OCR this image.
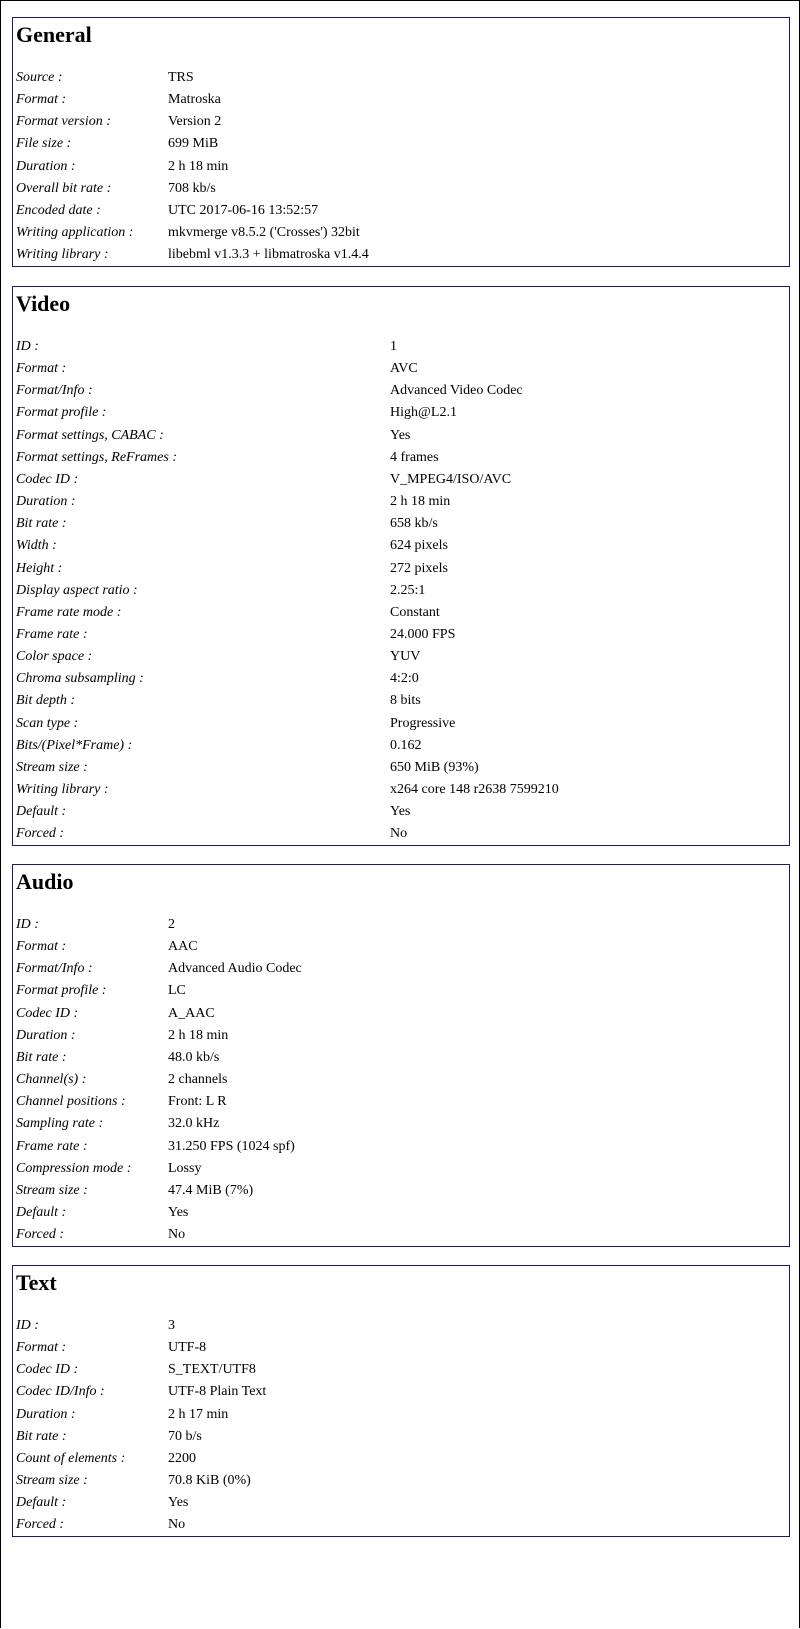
General
Source :	TRS
Format :	Matroska
Format version :	Version 2
File size :	699 MiB
Duration :	2 h 18 min
Overall bit rate :	708 kb/s
Encoded date :	UTC 2017-06-16 13:52:57
Writing application : mkvmerge v8.5.2 ('Crosses') 32bit
Writing library :	libebml v1.3.3 + libmatroska v1.4.4
Video
ID :	1
Format :	AVC
Format/Info :	Advanced Video Codec
Format profile :	High@L2.1
Format settings, CABAC :	Yes
Format settings, ReFrames :	4 frames
Codec ID :	V_MPEG4/ISO/AVC
Duration :	2 h 18 min
Bit rate :	658 kb/s
Width :	624 pixels
Height :	272 pixels
Display aspect ratio :	2.25:1
Frame rate mode :	Constant
Frame rate :	24.000 FPS
Color space :	YUV
Chroma subsampling :	4:2:0
Bit depth :	8 bits
Scan type :	Progressive
Bits/(Pixel*Frame) :	0.162
Stream size :	650 MiB (93%)
Writing library :	x264 core 148 r2638 7599210
Default :	Yes
Forced :	No
Audio
ID :	2
Format :	AAC
Format/Info :	Advanced Audio Codec
Format profile :	LC
Codec ID :	A_AAC
Duration :	2 h 18 min
Bit rate :	48.0 kb/s
Channel(s) :	2 channels
Channel positions :	Front: L R
Sampling rate :	32.0 kHz
Frame rate :	31.250 FPS (1024 spf)
Compression mode :	Lossy
Stream size :	47.4 MiB (7%)
Default :	Yes
Forced :	No
Text
ID :	3
Format :	UTF-8
Codec ID :	S_TEXT/UTF8
Codec ID/Info :	UTF-8 Plain Text
Duration :	2 h 17 min
Bit rate :	70 b/s
Count of elements :	2200
Stream size :	70.8 KiB (0%)
Default :	Yes
Forced :	No
